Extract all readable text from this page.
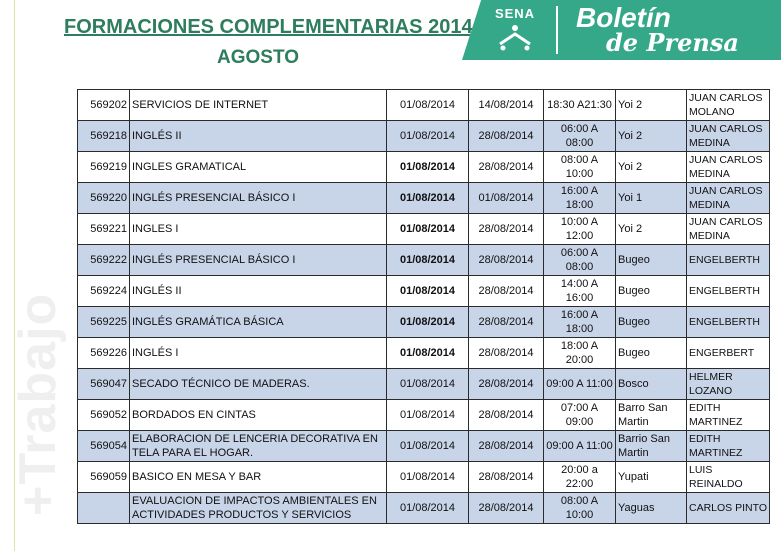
+Trabajo
FORMACIONES COMPLEMENTARIAS 2014
AGOSTO
SENA	Boletín
de Prensa
569202	SERVICIOS DE INTERNET	01/08/2014	14/08/2014	18:30 A21:30	Yoi 2	JUAN CARLOS MOLANO
569218	INGLÉS II	01/08/2014	28/08/2014	06:00 A 08:00	Yoi 2	JUAN CARLOS MEDINA
569219	INGLES GRAMATICAL	01/08/2014	28/08/2014	08:00 A 10:00	Yoi 2	JUAN CARLOS MEDINA
569220	INGLÉS PRESENCIAL BÁSICO I	01/08/2014	01/08/2014	16:00 A 18:00	Yoi 1	JUAN CARLOS MEDINA
569221	INGLES I	01/08/2014	28/08/2014	10:00 A 12:00	Yoi 2	JUAN CARLOS MEDINA
569222	INGLÉS PRESENCIAL BÁSICO I	01/08/2014	28/08/2014	06:00 A 08:00	Bugeo	ENGELBERTH
569224	INGLÉS II	01/08/2014	28/08/2014	14:00 A 16:00	Bugeo	ENGELBERTH
569225	INGLÉS GRAMÁTICA BÁSICA	01/08/2014	28/08/2014	16:00 A 18:00	Bugeo	ENGELBERTH
569226	INGLÉS I	01/08/2014	28/08/2014	18:00 A 20:00	Bugeo	ENGERBERT
569047	SECADO TÉCNICO DE MADERAS.	01/08/2014	28/08/2014	09:00 A 11:00	Bosco	HELMER LOZANO
569052	BORDADOS EN CINTAS	01/08/2014	28/08/2014	07:00 A 09:00	Barro San Martin	EDITH MARTINEZ
569054	ELABORACION DE LENCERIA DECORATIVA EN TELA PARA EL HOGAR.	01/08/2014	28/08/2014	09:00 A 11:00	Barrio San Martin	EDITH MARTINEZ
569059	BASICO EN MESA Y BAR	01/08/2014	28/08/2014	20:00 a 22:00	Yupati	LUIS REINALDO
	EVALUACION DE IMPACTOS AMBIENTALES EN ACTIVIDADES PRODUCTOS Y SERVICIOS	01/08/2014	28/08/2014	08:00 A 10:00	Yaguas	CARLOS PINTO
